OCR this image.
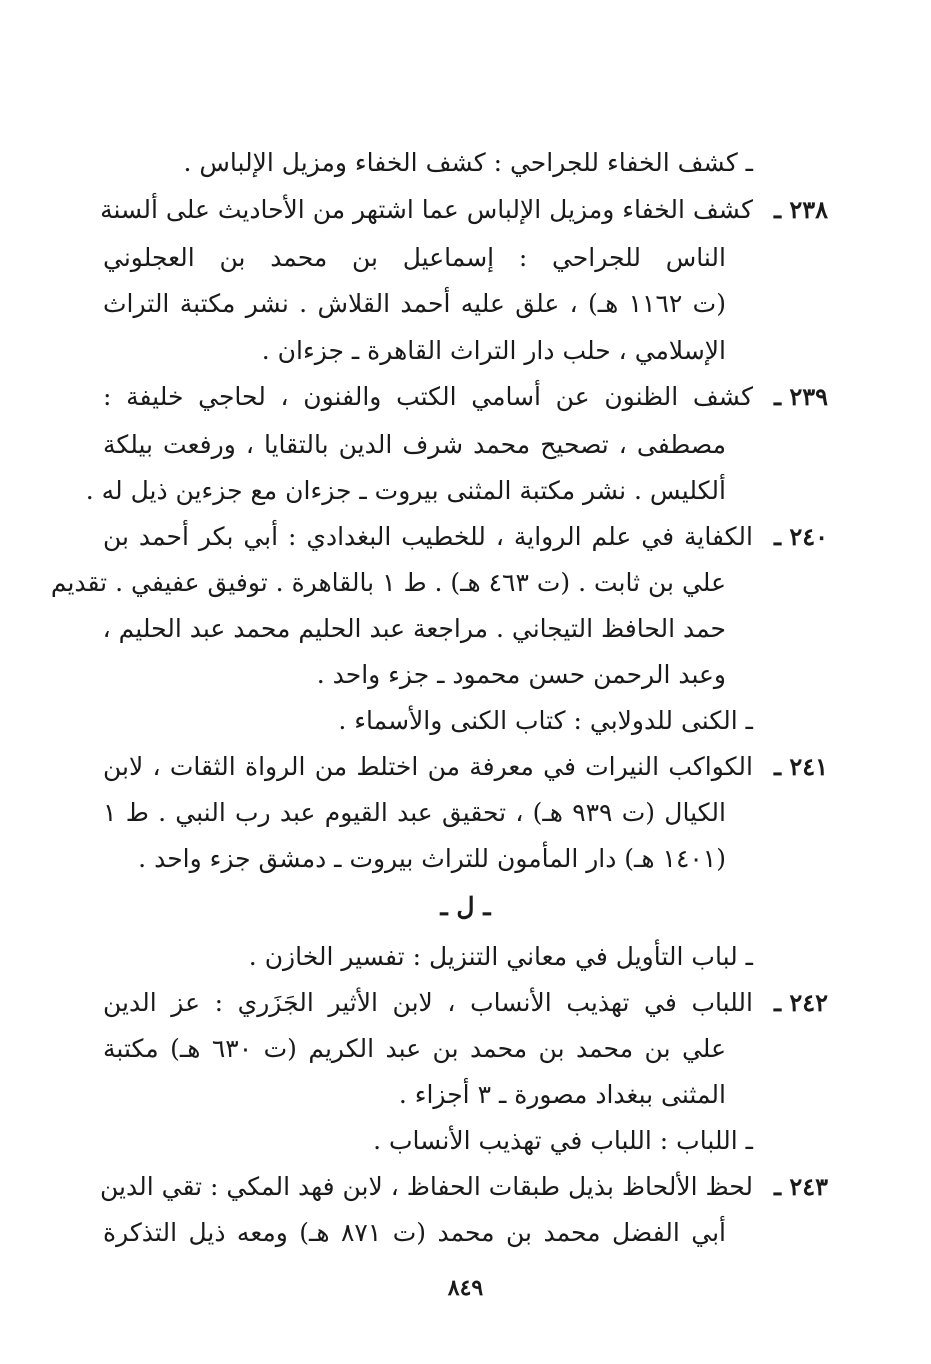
ـ كشف الخفاء للجراحي : كشف الخفاء ومزيل الإلباس .
٢٣٨ ـ
كشف الخفاء ومزيل الإلباس عما اشتهر من الأحاديث على ألسنة
الناس للجراحي : إسماعيل بن محمد بن العجلوني
(ت ١١٦٢ هـ) ، علق عليه أحمد القلاش . نشر مكتبة التراث
الإسلامي ، حلب دار التراث القاهرة ـ جزءان .
٢٣٩ ـ
كشف الظنون عن أسامي الكتب والفنون ، لحاجي خليفة :
مصطفى ، تصحيح محمد شرف الدين بالتقايا ، ورفعت بيلكة
ألكليس . نشر مكتبة المثنى بيروت ـ جزءان مع جزءين ذيل له .
٢٤٠ ـ
الكفاية في علم الرواية ، للخطيب البغدادي : أبي بكر أحمد بن
علي بن ثابت . (ت ٤٦٣ هـ) . ط ١ بالقاهرة . توفيق عفيفي . تقديم
حمد الحافظ التيجاني . مراجعة عبد الحليم محمد عبد الحليم ،
وعبد الرحمن حسن محمود ـ جزء واحد .
ـ الكنى للدولابي : كتاب الكنى والأسماء .
٢٤١ ـ
الكواكب النيرات في معرفة من اختلط من الرواة الثقات ، لابن
الكيال (ت ٩٣٩ هـ) ، تحقيق عبد القيوم عبد رب النبي . ط ١
(١٤٠١ هـ) دار المأمون للتراث بيروت ـ دمشق جزء واحد .
ـ ل ـ
ـ لباب التأويل في معاني التنزيل : تفسير الخازن .
٢٤٢ ـ
اللباب في تهذيب الأنساب ، لابن الأثير الجَزَري : عز الدين
علي بن محمد بن محمد بن عبد الكريم (ت ٦٣٠ هـ) مكتبة
المثنى ببغداد مصورة ـ ٣ أجزاء .
ـ اللباب : اللباب في تهذيب الأنساب .
٢٤٣ ـ
لحظ الألحاظ بذيل طبقات الحفاظ ، لابن فهد المكي : تقي الدين
أبي الفضل محمد بن محمد (ت ٨٧١ هـ) ومعه ذيل التذكرة
٨٤٩
